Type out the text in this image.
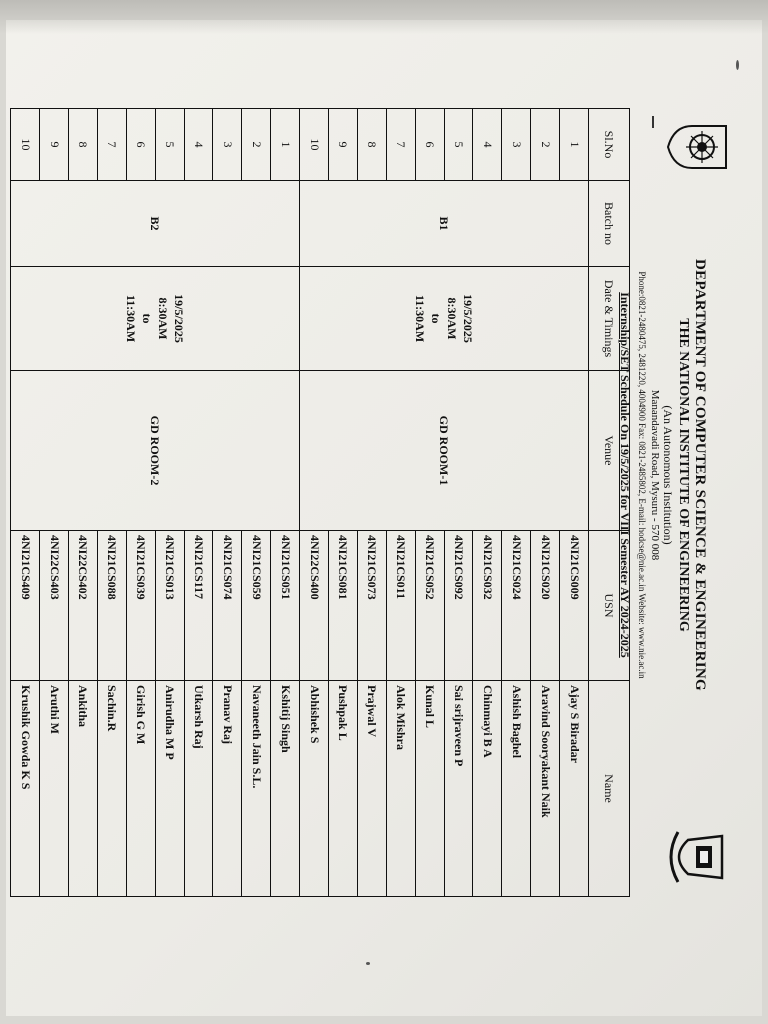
DEPARTMENT OF COMPUTER SCIENCE & ENGINEERING
THE NATIONAL INSTITUTE OF ENGINEERING
(An Autonomous Institution)
Manandavadi Road, Mysuru - 570 008
Phone:0821-2480475, 2481220, 4004900 Fax: 0821-2485802, E-mail: hodcse@nie.ac.in Website: www.nie.ac.in
Internship/SET Schedule On 19/5/2025 for VIII Semester AY 2024-2025
Sl.No	Batch no	Date & Timings	Venue	USN	Name
1	B1	19/5/2025
8:30AM
to
11:30AM	GD ROOM-1	4NI21CS009	Ajay S Biradar
2				4NI21CS020	Aravind Sooryakant Naik
3				4NI21CS024	Ashish Baghel
4				4NI21CS032	Chinmayi B A
5				4NI21CS092	Sai srijraveen P
6				4NI21CS052	Kunal L
7				4NI21CS011	Alok Mishra
8				4NI21CS073	Prajwal V
9				4NI21CS081	Pushpak L
10				4NI22CS400	Abhishek S
1	B2	19/5/2025
8:30AM
to
11:30AM	GD ROOM-2	4NI21CS051	Kshitij Singh
2				4NI21CS059	Navaneeth Jain S.L.
3				4NI21CS074	Pranav Raj
4				4NI21CS117	Utkarsh Raj
5				4NI21CS013	Anirudha M P
6				4NI21CS039	Girish G M
7				4NI21CS088	Sachin.R
8				4NI22CS402	Ankitha
9				4NI22CS403	Aruthi M
10				4NI21CS409	Krushik Gowda K S
